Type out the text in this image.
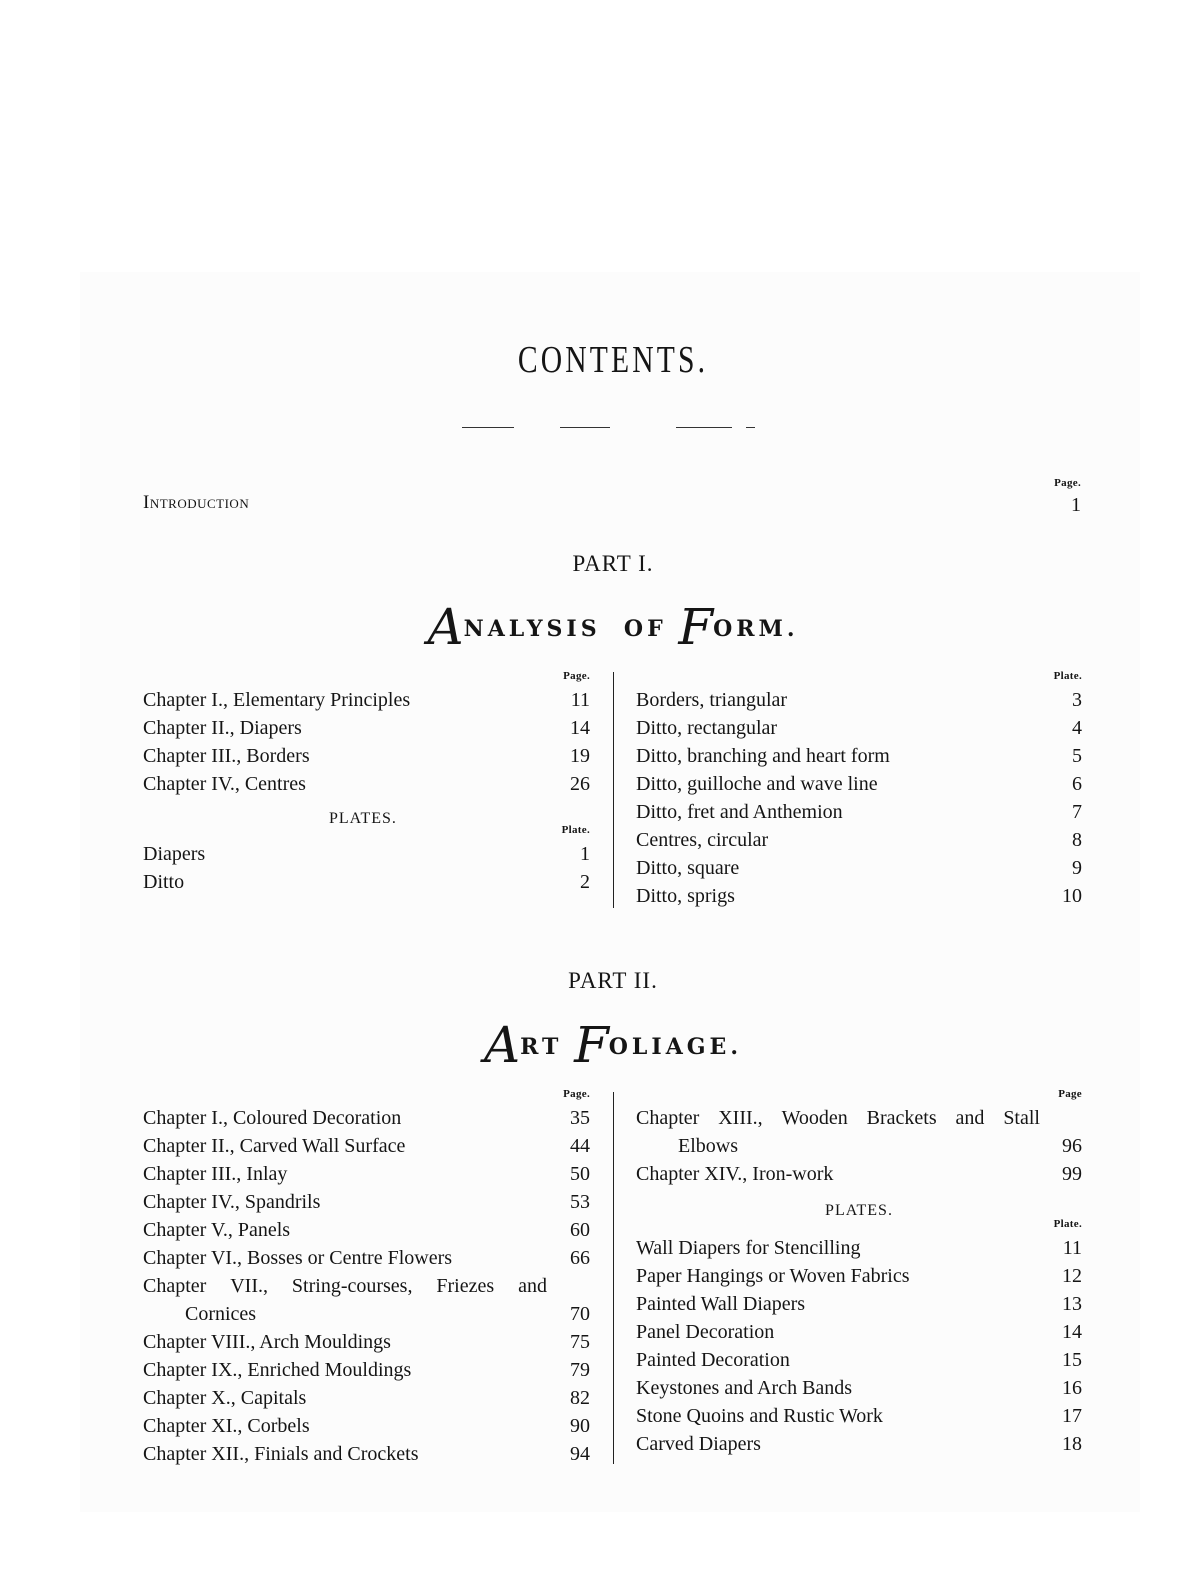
CONTENTS.
Page.
Introduction	1
PART I.
ANALYSIS  OF FORM.
Page.
Chapter I., Elementary Principles	11
Chapter II., Diapers	14
Chapter III., Borders	19
Chapter IV., Centres	26
PLATES.
Plate.
Diapers	1
Ditto	2
Plate.
Borders, triangular	3
Ditto, rectangular	4
Ditto, branching and heart form	5
Ditto, guilloche and wave line	6
Ditto, fret and Anthemion	7
Centres, circular	8
Ditto, square	9
Ditto, sprigs	10
PART II.
ART FOLIAGE.
Page.
Chapter I., Coloured Decoration	35
Chapter II., Carved Wall Surface	44
Chapter III., Inlay	50
Chapter IV., Spandrils	53
Chapter V., Panels	60
Chapter VI., Bosses or Centre Flowers	66
Chapter VII., String-courses, Friezes and
Cornices	70
Chapter VIII., Arch Mouldings	75
Chapter IX., Enriched Mouldings	79
Chapter X., Capitals	82
Chapter XI., Corbels	90
Chapter XII., Finials and Crockets	94
Page
Chapter XIII., Wooden Brackets and Stall
Elbows	96
Chapter XIV., Iron-work	99
PLATES.
Plate.
Wall Diapers for Stencilling	11
Paper Hangings or Woven Fabrics	12
Painted Wall Diapers	13
Panel Decoration	14
Painted Decoration	15
Keystones and Arch Bands	16
Stone Quoins and Rustic Work	17
Carved Diapers	18
